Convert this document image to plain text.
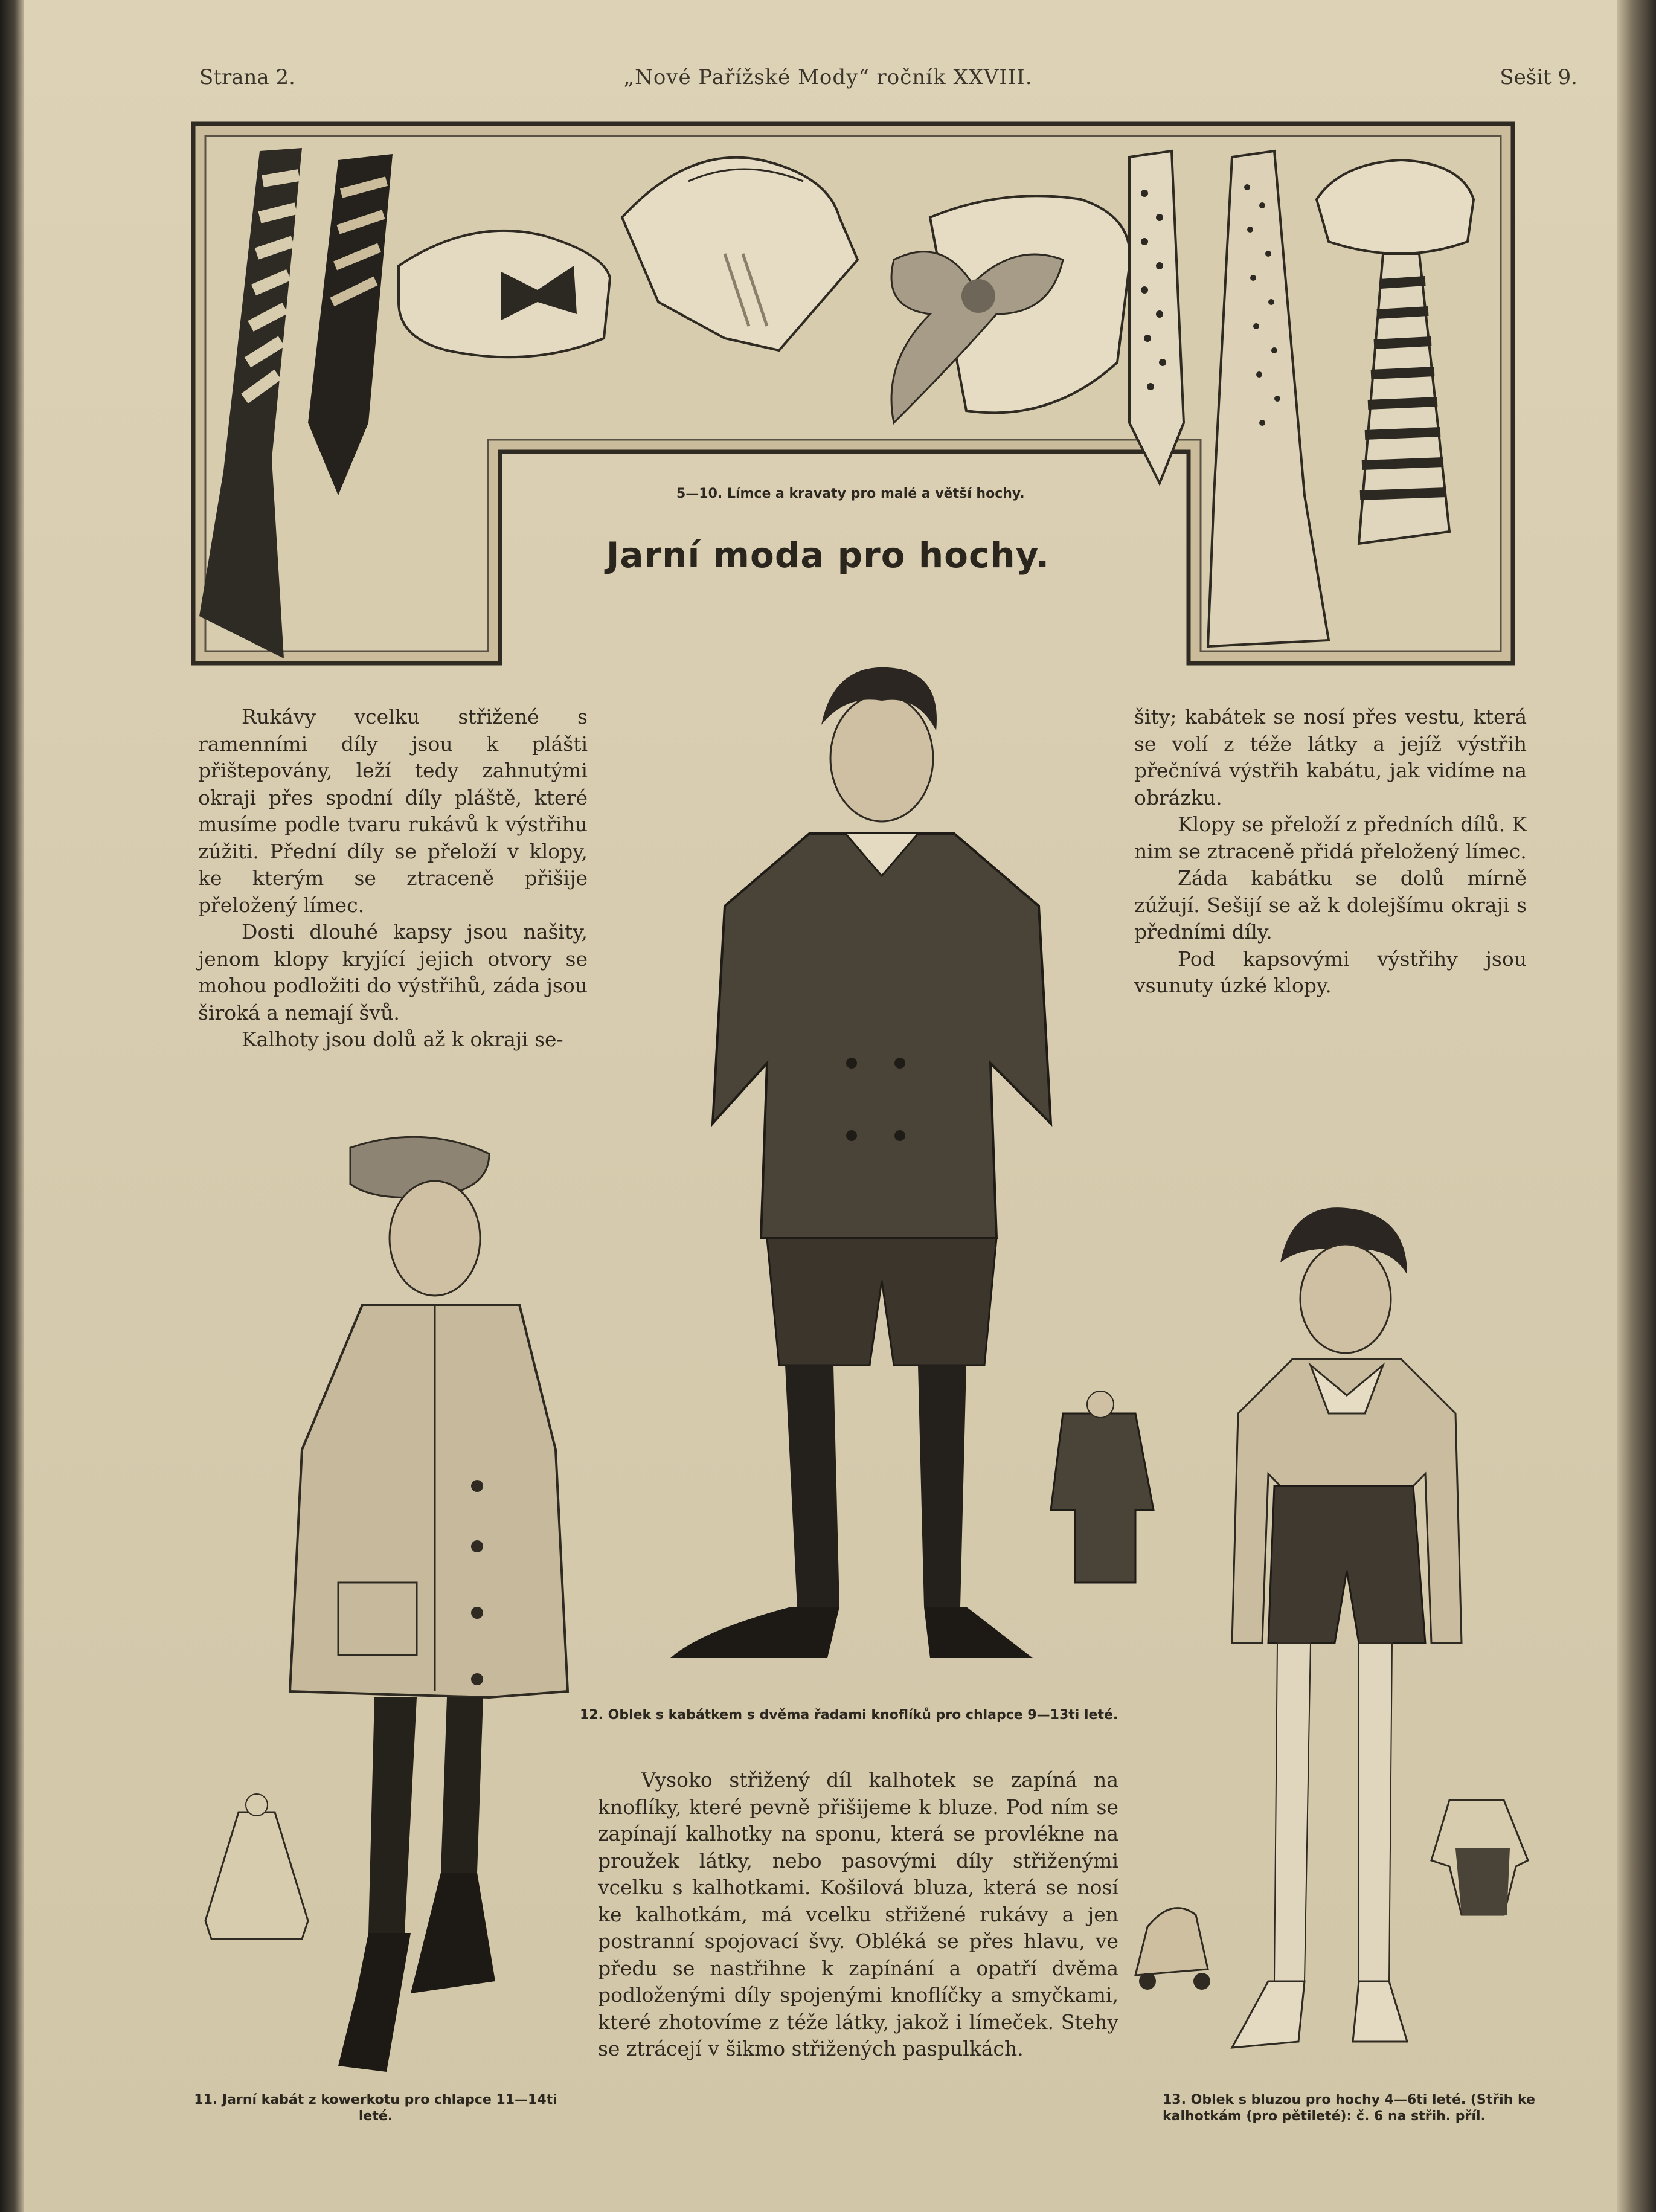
Strana 2.	„Nové Pařížské Mody“ ročník XXVIII.	Sešit 9.
5—10. Límce a kravaty pro malé a větší hochy.
Jarní moda pro hochy.

Rukávy vcelku střižené s ramenními díly jsou k plášti přištepovány, leží tedy zahnutými okraji přes spodní díly pláště, které musíme podle tvaru rukávů k výstřihu zúžiti. Přední díly se přeloží v klopy, ke kterým se ztraceně přišije přeložený límec.

Dosti dlouhé kapsy jsou našity, jenom klopy kryjící jejich otvory se mohou podložiti do výstřihů, záda jsou široká a nemají švů.

Kalhoty jsou dolů až k okraji se-

šity; kabátek se nosí přes vestu, která se volí z téže látky a jejíž výstřih přečnívá výstřih kabátu, jak vidíme na obrázku.

Klopy se přeloží z předních dílů. K nim se ztraceně přidá přeložený límec.

Záda kabátku se dolů mírně zúžují. Sešijí se až k dolejšímu okraji s předními díly.

Pod kapsovými výstřihy jsou vsunuty úzké klopy.

Vysoko střižený díl kalhotek se zapíná na knoflíky, které pevně přišijeme k bluze. Pod ním se zapínají kalhotky na sponu, která se provlékne na proužek látky, nebo pasovými díly střiženými vcelku s kalhotkami. Košilová bluza, která se nosí ke kalhotkám, má vcelku střižené rukávy a jen postranní spojovací švy. Obléká se přes hlavu, ve předu se nastřihne k zapínání a opatří dvěma podloženými díly spojenými knoflíčky a smyčkami, které zhotovíme z téže látky, jakož i límeček. Stehy se ztrácejí v šikmo střižených paspulkách.

12. Oblek s kabátkem s dvěma řadami knoflíků pro chlapce 9—13ti leté.
11. Jarní kabát z kowerkotu pro chlapce 11—14ti leté.
13. Oblek s bluzou pro hochy 4—6ti leté. (Střih ke kalhotkám (pro pětileté): č. 6 na střih. příl.
